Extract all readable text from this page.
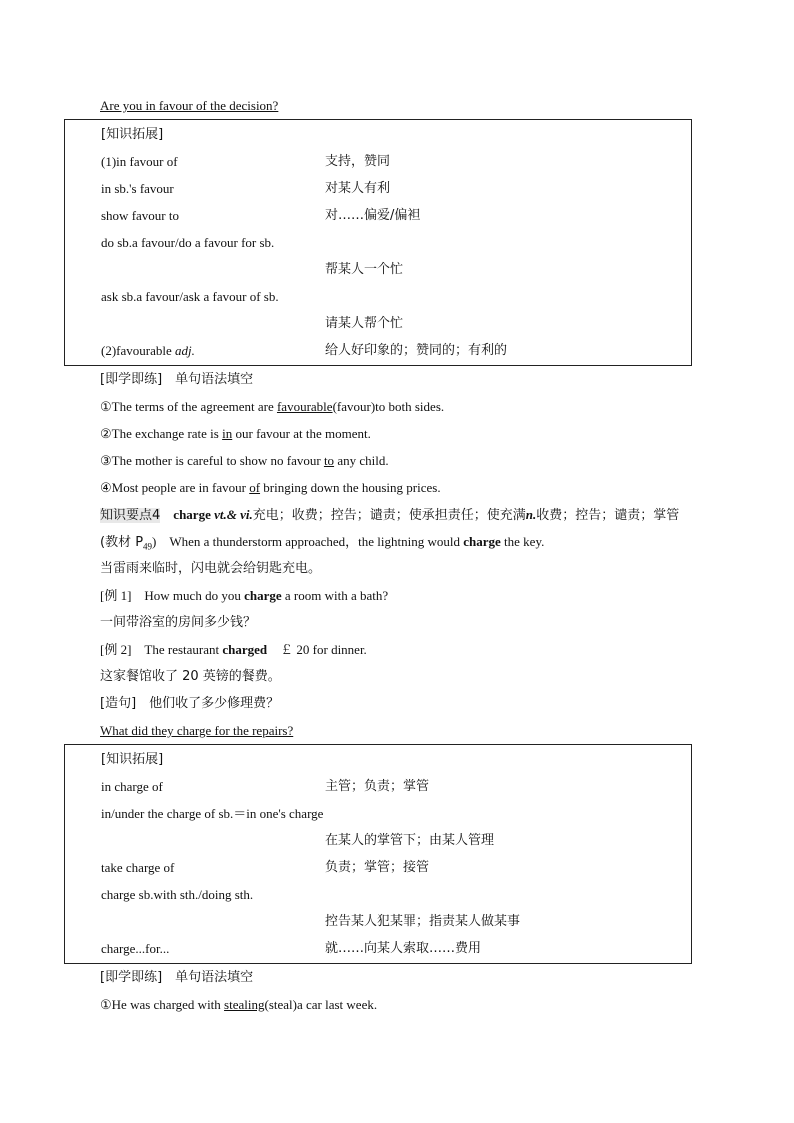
Are you in favour of the decision?
[知识拓展]
(1)in favour of	支持，赞同
in sb.'s favour	对某人有利
show favour to	对……偏爱/偏袒
do sb.a favour/do a favour for sb.
帮某人一个忙
ask sb.a favour/ask a favour of sb.
请某人帮个忙
(2)favourable adj.	给人好印象的；赞同的；有利的
[即学即练]　单句语法填空
①The terms of the agreement are favourable(favour)to both sides.
②The exchange rate is in our favour at the moment.
③The mother is careful to show no favour to any child.
④Most people are in favour of bringing down the housing prices.
知识要点4　 charge vt.& vi.充电；收费；控告；谴责；使承担责任；使充满n.收费；控告；谴责；掌管
(教材 $P_{49}$)　When a thunderstorm approached，the lightning would charge the key.
当雷雨来临时，闪电就会给钥匙充电。
[例 1]　How much do you charge a room with a bath?
一间带浴室的房间多少钱？
[例 2]　The restaurant charged　￡ 20 for dinner.
这家餐馆收了 20 英镑的餐费。
[造句]　他们收了多少修理费？
What did they charge for the repairs?
[知识拓展]
in charge of	主管；负责；掌管
in/under the charge of sb.＝in one's charge
在某人的掌管下；由某人管理
take charge of	负责；掌管；接管
charge sb.with sth./doing sth.
控告某人犯某罪；指责某人做某事
charge...for...	就……向某人索取……费用
[即学即练]　单句语法填空
①He was charged with stealing(steal)a car last week.
